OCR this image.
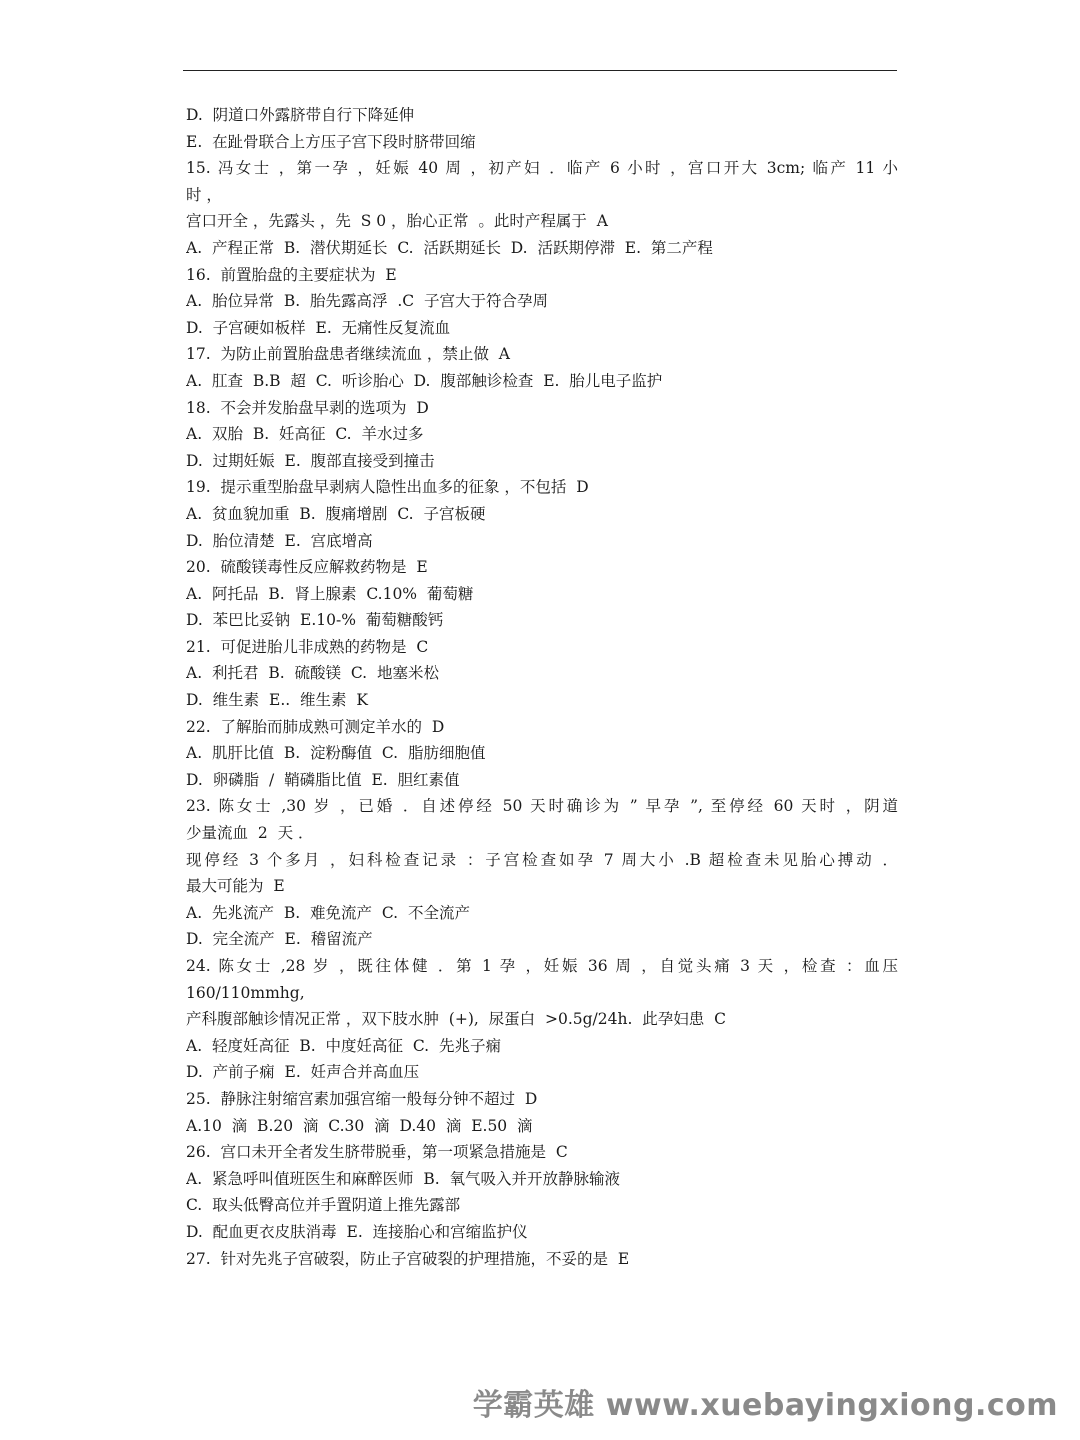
D.  阴道口外露脐带自行下降延伸
E.  在趾骨联合上方压子宫下段时脐带回缩
15. 冯女士 ，第一孕 ，妊娠 40 周 ，初产妇 ．临产 6 小时 ，宫口开大 3cm; 临产 11 小
时 ，
宫口开全 ，先露头 ，先  S 0 ，胎心正常  。此时产程属于  A
A.  产程正常  B.  潜伏期延长  C.  活跃期延长  D.  活跃期停滞  E.  第二产程
16.  前置胎盘的主要症状为  E
A.  胎位异常  B.  胎先露高浮  .C  子宫大于符合孕周
D.  子宫硬如板样  E.  无痛性反复流血
17.  为防止前置胎盘患者继续流血 ，禁止做  A
A.  肛查  B.B  超  C.  听诊胎心  D.  腹部触诊检查  E.  胎儿电子监护
18.  不会并发胎盘早剥的选项为  D
A.  双胎  B.  妊高征  C.  羊水过多
D.  过期妊娠  E.  腹部直接受到撞击
19.  提示重型胎盘早剥病人隐性出血多的征象 ，不包括  D
A.  贫血貌加重  B.  腹痛增剧  C.  子宫板硬
D.  胎位清楚  E.  宫底增高
20.  硫酸镁毒性反应解救药物是  E
A.  阿托品  B.  肾上腺素  C.10%  葡萄糖
D.  苯巴比妥钠  E.10-%  葡萄糖酸钙
21.  可促进胎儿非成熟的药物是  C
A.  利托君  B.  硫酸镁  C.  地塞米松
D.  维生素  E..  维生素  K
22.  了解胎而肺成熟可测定羊水的  D
A.  肌肝比值  B.  淀粉酶值  C.  脂肪细胞值
D.  卵磷脂  /  鞘磷脂比值  E.  胆红素值
23. 陈女士 ,30 岁 ，已婚 ．自述停经 50 天时确诊为 ” 早孕 ”, 至停经 60 天时 ，阴道
少量流血  2  天 ．
现停经 3 个多月 ，妇科检查记录 ：子宫检查如孕 7 周大小 .B 超检查未见胎心搏动 ．
最大可能为  E
A.  先兆流产  B.  难免流产  C.  不全流产
D.  完全流产  E.  稽留流产
24. 陈女士 ,28 岁 ，既往体健 ．第 1 孕 ，妊娠 36 周 ，自觉头痛 3 天 ，检查 ：血压
160/110mmhg,
产科腹部触诊情况正常 ，双下肢水肿  (+),  尿蛋白  >0.5g/24h.  此孕妇患  C
A.  轻度妊高征  B.  中度妊高征  C.  先兆子痫
D.  产前子痫  E.  妊声合并高血压
25.  静脉注射缩宫素加强宫缩一般每分钟不超过  D
A.10  滴  B.20  滴  C.30  滴  D.40  滴  E.50  滴
26.  宫口未开全者发生脐带脱垂，第一项紧急措施是  C
A.  紧急呼叫值班医生和麻醉医师  B.  氧气吸入并开放静脉输液
C.  取头低臀高位并手置阴道上推先露部
D.  配血更衣皮肤消毒  E.  连接胎心和宫缩监护仪
27.  针对先兆子宫破裂，防止子宫破裂的护理措施，不妥的是  E
学霸英雄 www.xuebayingxiong.com
